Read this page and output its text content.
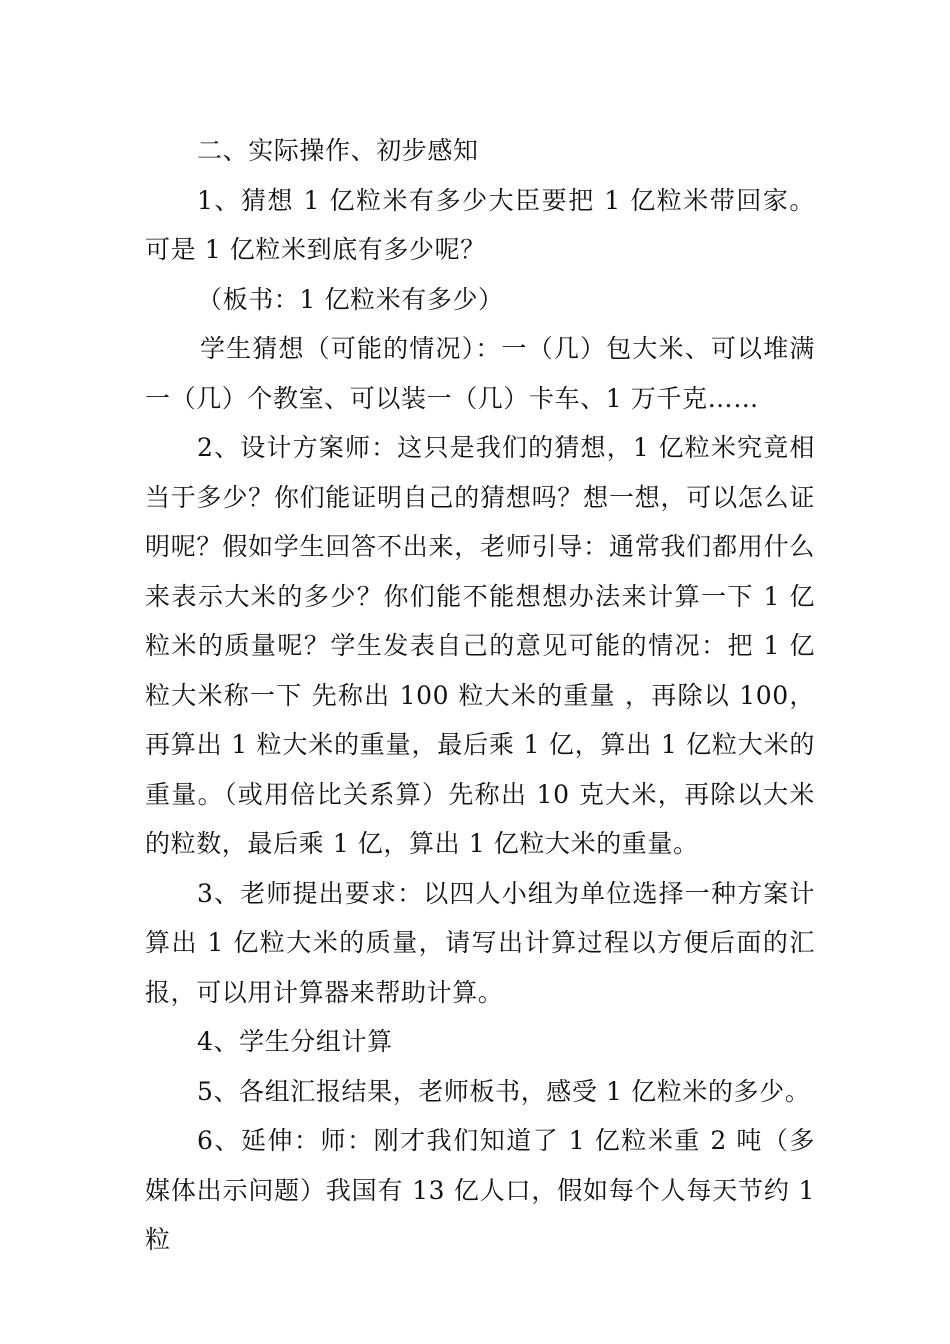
二、实际操作、初步感知

1、猜想 1 亿粒米有多少大臣要把 1 亿粒米带回家。可是 1 亿粒米到底有多少呢？

（板书：1 亿粒米有多少）

学生猜想（可能的情况）：一（几）包大米、可以堆满一（几）个教室、可以装一（几）卡车、1 万千克……

2、设计方案师：这只是我们的猜想，1 亿粒米究竟相当于多少？你们能证明自己的猜想吗？想一想，可以怎么证明呢？假如学生回答不出来，老师引导：通常我们都用什么来表示大米的多少？你们能不能想想办法来计算一下 1 亿粒米的质量呢？学生发表自己的意见可能的情况：把 1 亿粒大米称一下 先称出 100 粒大米的重量 ，再除以 100，再算出 1 粒大米的重量，最后乘 1 亿，算出 1 亿粒大米的重量。（或用倍比关系算）先称出 10 克大米，再除以大米的粒数，最后乘 1 亿，算出 1 亿粒大米的重量。

3、老师提出要求：以四人小组为单位选择一种方案计算出 1 亿粒大米的质量，请写出计算过程以方便后面的汇报，可以用计算器来帮助计算。

4、学生分组计算

5、各组汇报结果，老师板书，感受 1 亿粒米的多少。

6、延伸：师：刚才我们知道了 1 亿粒米重 2 吨（多媒体出示问题）我国有 13 亿人口，假如每个人每天节约 1 粒
